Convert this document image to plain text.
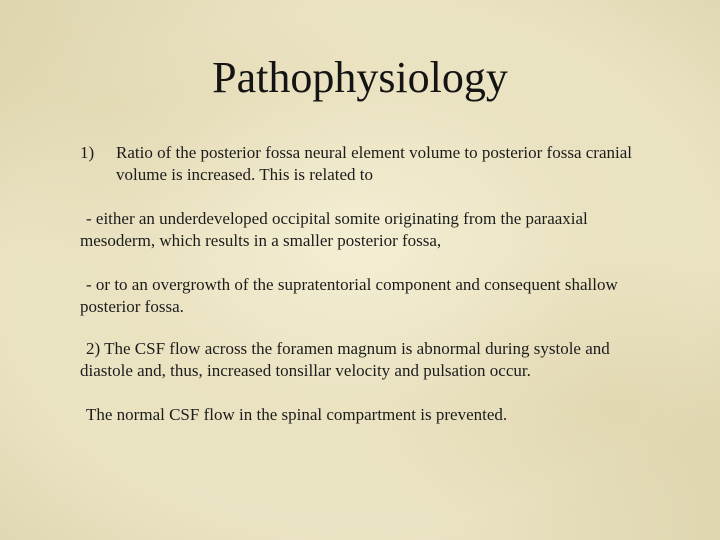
Pathophysiology
1) Ratio of the posterior fossa neural element volume to posterior fossa cranial volume is increased. This is related to
- either an underdeveloped occipital somite originating from the paraaxial mesoderm, which results in a smaller posterior fossa,
- or to an overgrowth of the supratentorial component and consequent shallow posterior fossa.
2) The CSF flow across the foramen magnum is abnormal during systole and diastole and, thus, increased tonsillar velocity and pulsation occur.
The normal CSF flow in the spinal compartment is prevented.
